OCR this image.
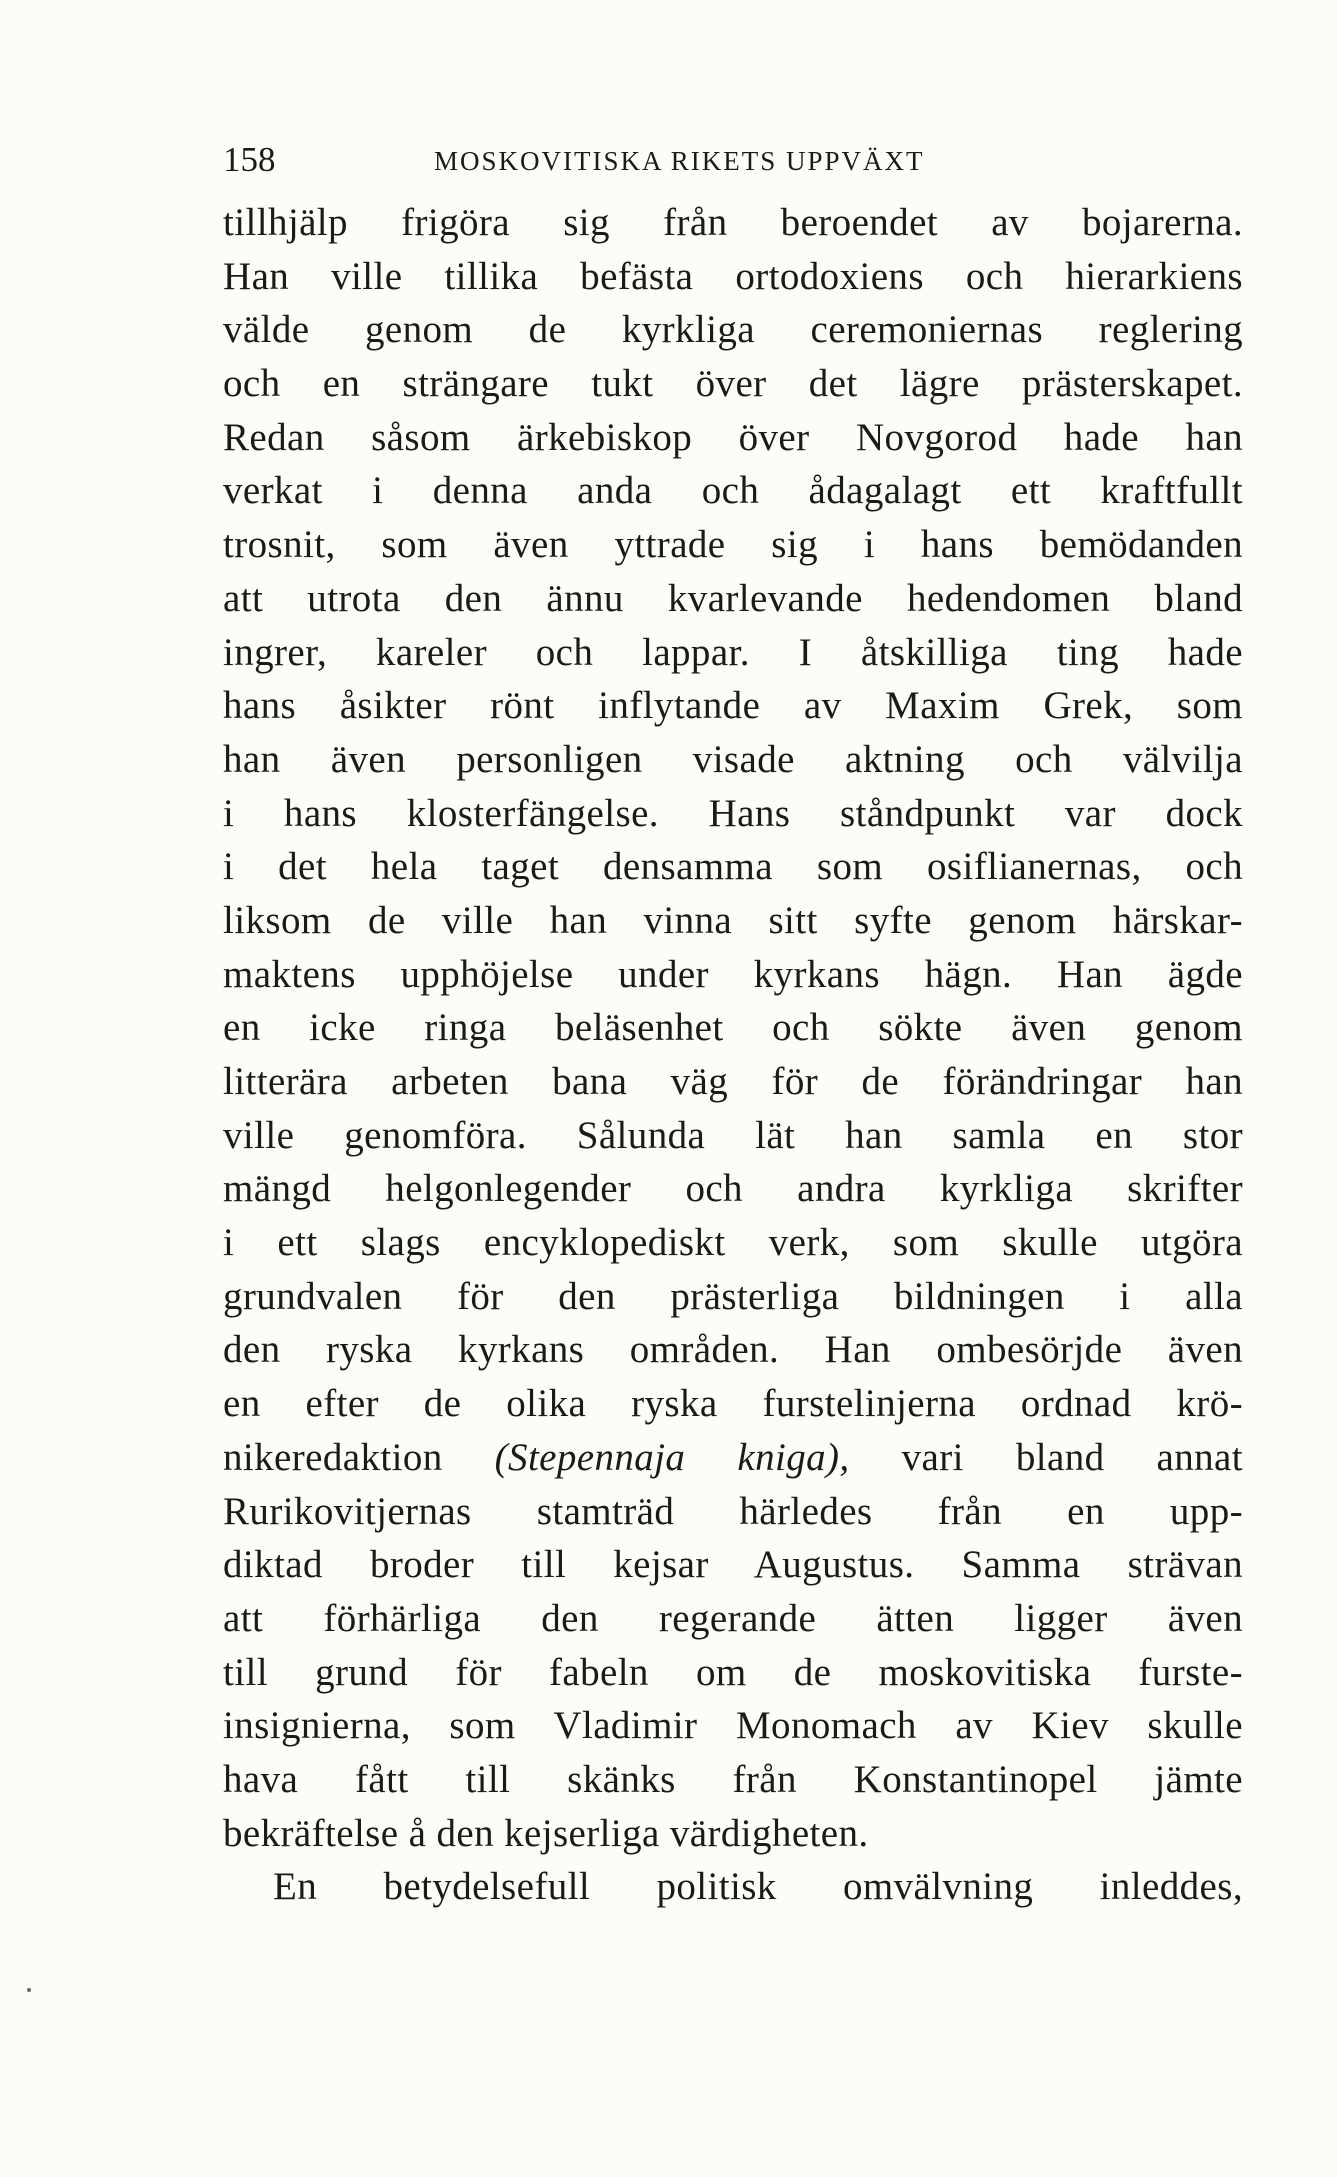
158	MOSKOVITISKA RIKETS UPPVÄXT
tillhjälp frigöra sig från beroendet av bojarerna.
Han ville tillika befästa ortodoxiens och hierarkiens
välde genom de kyrkliga ceremoniernas reglering
och en strängare tukt över det lägre prästerskapet.
Redan såsom ärkebiskop över Novgorod hade han
verkat i denna anda och ådagalagt ett kraftfullt
trosnit, som även yttrade sig i hans bemödanden
att utrota den ännu kvarlevande hedendomen bland
ingrer, kareler och lappar. I åtskilliga ting hade
hans åsikter rönt inflytande av Maxim Grek, som
han även personligen visade aktning och välvilja
i hans klosterfängelse. Hans ståndpunkt var dock
i det hela taget densamma som osiflianernas, och
liksom de ville han vinna sitt syfte genom härskar-
maktens upphöjelse under kyrkans hägn. Han ägde
en icke ringa beläsenhet och sökte även genom
litterära arbeten bana väg för de förändringar han
ville genomföra. Sålunda lät han samla en stor
mängd helgonlegender och andra kyrkliga skrifter
i ett slags encyklopediskt verk, som skulle utgöra
grundvalen för den prästerliga bildningen i alla
den ryska kyrkans områden. Han ombesörjde även
en efter de olika ryska furstelinjerna ordnad krö-
nikeredaktion (Stepennaja kniga), vari bland annat
Rurikovitjernas stamträd härledes från en upp-
diktad broder till kejsar Augustus. Samma strävan
att förhärliga den regerande ätten ligger även
till grund för fabeln om de moskovitiska furste-
insignierna, som Vladimir Monomach av Kiev skulle
hava fått till skänks från Konstantinopel jämte
bekräftelse å den kejserliga värdigheten.
En betydelsefull politisk omvälvning inleddes,
